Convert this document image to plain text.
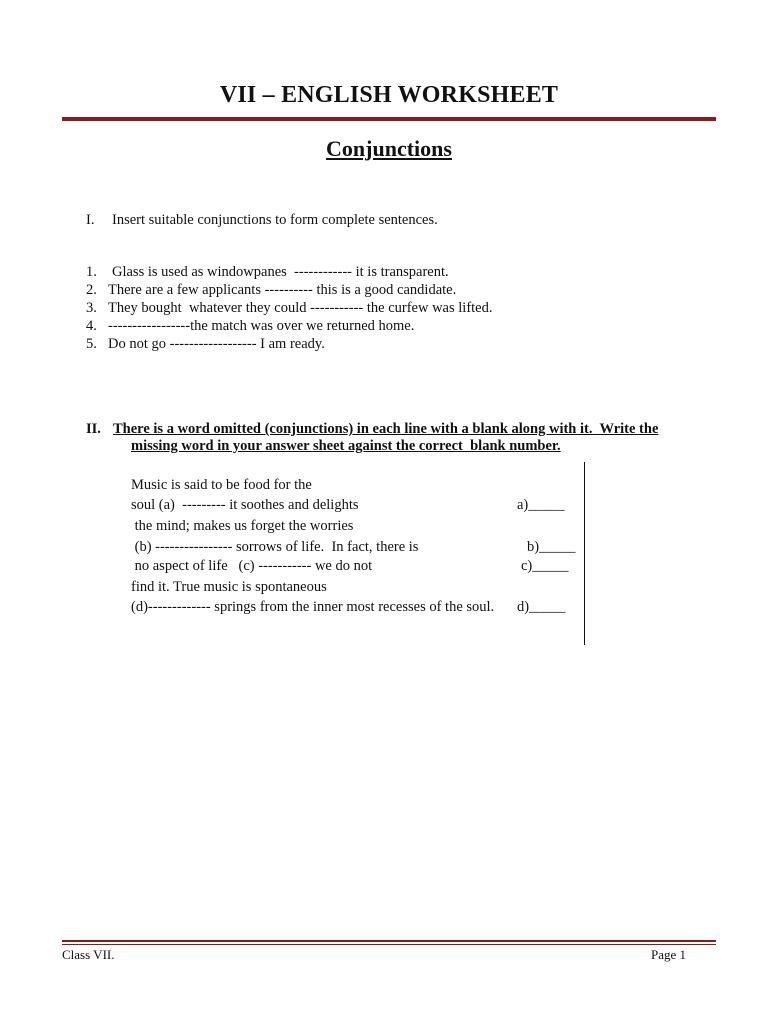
VII – ENGLISH WORKSHEET
Conjunctions
I. Insert suitable conjunctions to form complete sentences.
1. Glass is used as windowpanes  ------------ it is transparent.
2. There are a few applicants ---------- this is a good candidate.
3. They bought  whatever they could ----------- the curfew was lifted.
4. -----------------the match was over we returned home.
5. Do not go ------------------ I am ready.
II. There is a word omitted (conjunctions) in each line with a blank along with it.  Write the
missing word in your answer sheet against the correct  blank number.
Music is said to be food for the
soul (a)  --------- it soothes and delights	a)_____
the mind; makes us forget the worries
(b) ---------------- sorrows of life.  In fact, there is	b)_____
no aspect of life   (c) ----------- we do not	c)_____
find it. True music is spontaneous
(d)------------- springs from the inner most recesses of the soul. d)_____
Class VII.	Page 1
